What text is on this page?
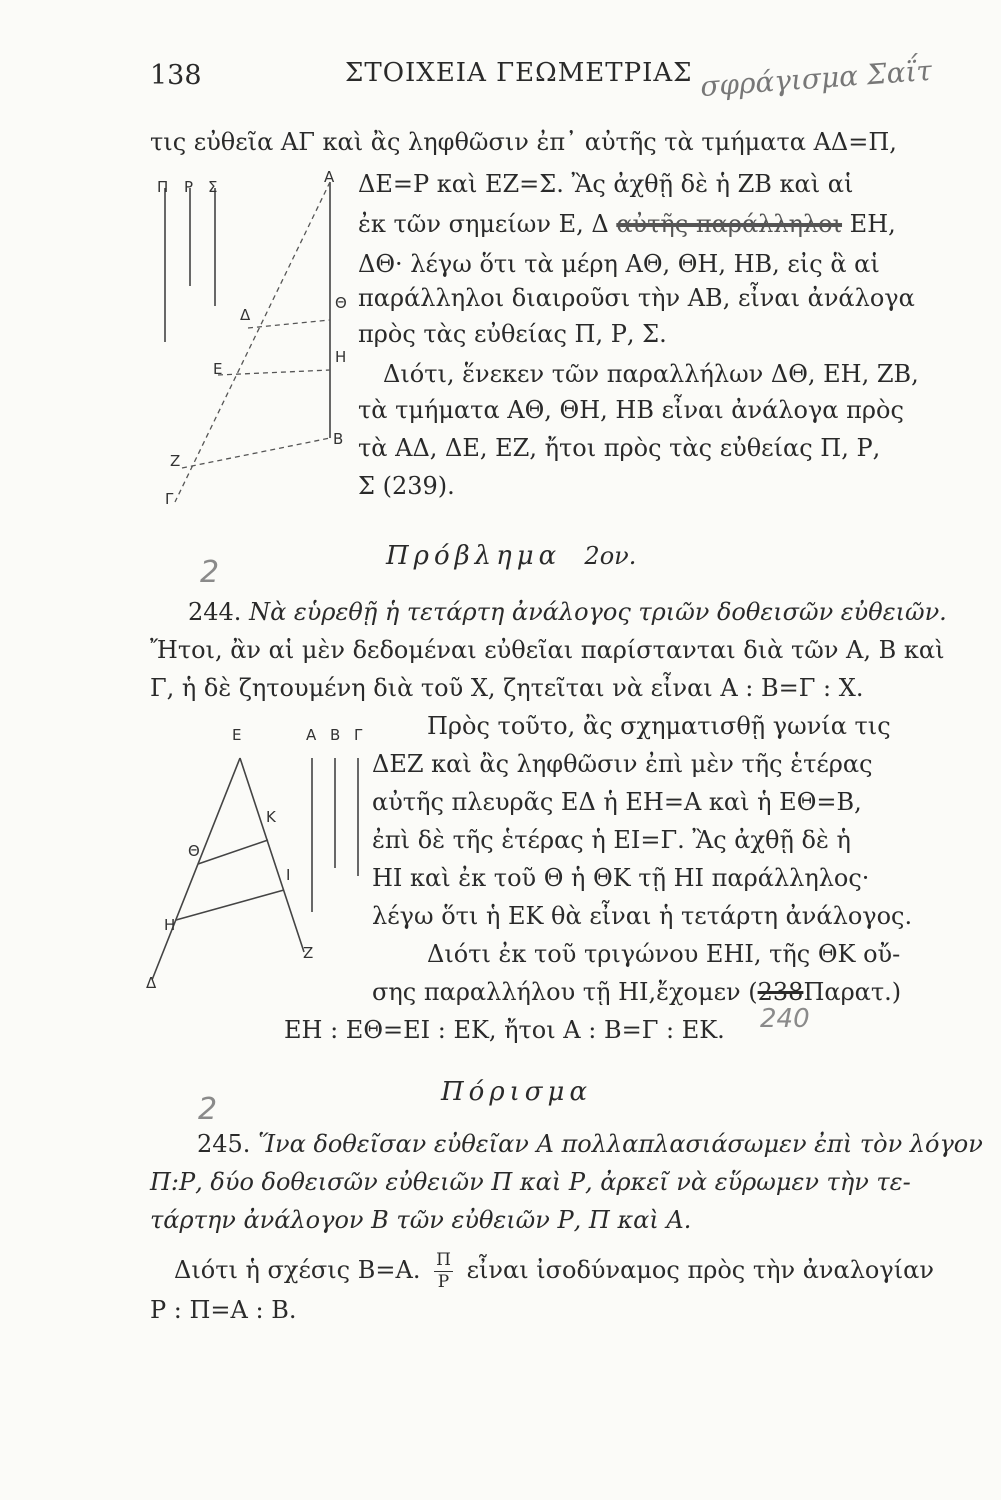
138	ΣΤΟΙΧΕΙΑ ΓΕΩΜΕΤΡΙΑΣ σφράγισμα Σαΐτ
τις εὐθεῖα ΑΓ καὶ ἂς ληφθῶσιν ἐπ᾽ αὐτῆς τὰ τμήματα ΑΔ=Π,
ΔΕ=Ρ καὶ ΕΖ=Σ. Ἂς ἀχθῇ δὲ ἡ ΖΒ καὶ αἱ
ἐκ τῶν σημείων Ε, Δ αὐτῆς παράλληλοι ΕΗ,
ΔΘ· λέγω ὅτι τὰ μέρη ΑΘ, ΘΗ, ΗΒ, εἰς ἃ αἱ
παράλληλοι διαιροῦσι τὴν ΑΒ, εἶναι ἀνάλογα
πρὸς τὰς εὐθείας Π, Ρ, Σ.
Διότι, ἕνεκεν τῶν παραλλήλων ΔΘ, ΕΗ, ΖΒ,
τὰ τμήματα ΑΘ, ΘΗ, ΗΒ εἶναι ἀνάλογα πρὸς
τὰ ΑΔ, ΔΕ, ΕΖ, ἤτοι πρὸς τὰς εὐθείας Π, Ρ,
Σ (239).
Π Ρ Σ
Α
Θ
Δ
Η
Ε
Β
Ζ
Γ
Πρόβλημα 2ον.
2
244. Νὰ εὑρεθῇ ἡ τετάρτη ἀνάλογος τριῶν δοθεισῶν εὐθειῶν.
Ἤτοι, ἂν αἱ μὲν δεδομέναι εὐθεῖαι παρίστανται διὰ τῶν Α, Β καὶ
Γ, ἡ δὲ ζητουμένη διὰ τοῦ Χ, ζητεῖται νὰ εἶναι Α : Β=Γ : Χ.
Πρὸς τοῦτο, ἂς σχηματισθῇ γωνία τις
ΔΕΖ καὶ ἂς ληφθῶσιν ἐπὶ μὲν τῆς ἑτέρας
αὐτῆς πλευρᾶς ΕΔ ἡ ΕΗ=Α καὶ ἡ ΕΘ=Β,
ἐπὶ δὲ τῆς ἑτέρας ἡ ΕΙ=Γ. Ἂς ἀχθῇ δὲ ἡ
ΗΙ καὶ ἐκ τοῦ Θ ἡ ΘΚ τῇ ΗΙ παράλληλος·
λέγω ὅτι ἡ ΕΚ θὰ εἶναι ἡ τετάρτη ἀνάλογος.
Διότι ἐκ τοῦ τριγώνου ΕΗΙ, τῆς ΘΚ οὔ-
σης παραλλήλου τῇ ΗΙ,ἔχομεν (238Παρατ.)
ΕΗ : ΕΘ=ΕΙ : ΕΚ, ἤτοι Α : Β=Γ : ΕΚ. 240
Ε	Α Β Γ
Κ
Θ
Ι
Η
Ζ
Δ
Πόρισμα
2
245. Ἵνα δοθεῖσαν εὐθεῖαν Α πολλαπλασιάσωμεν ἐπὶ τὸν λόγον
Π:Ρ, δύο δοθεισῶν εὐθειῶν Π καὶ Ρ, ἀρκεῖ νὰ εὕρωμεν τὴν τε-
τάρτην ἀνάλογον Β τῶν εὐθειῶν Ρ, Π καὶ Α.
Διότι ἡ σχέσις Β=Α. $\frac{\Pi}{P}$ εἶναι ἰσοδύναμος πρὸς τὴν ἀναλογίαν
Ρ : Π=Α : Β.
